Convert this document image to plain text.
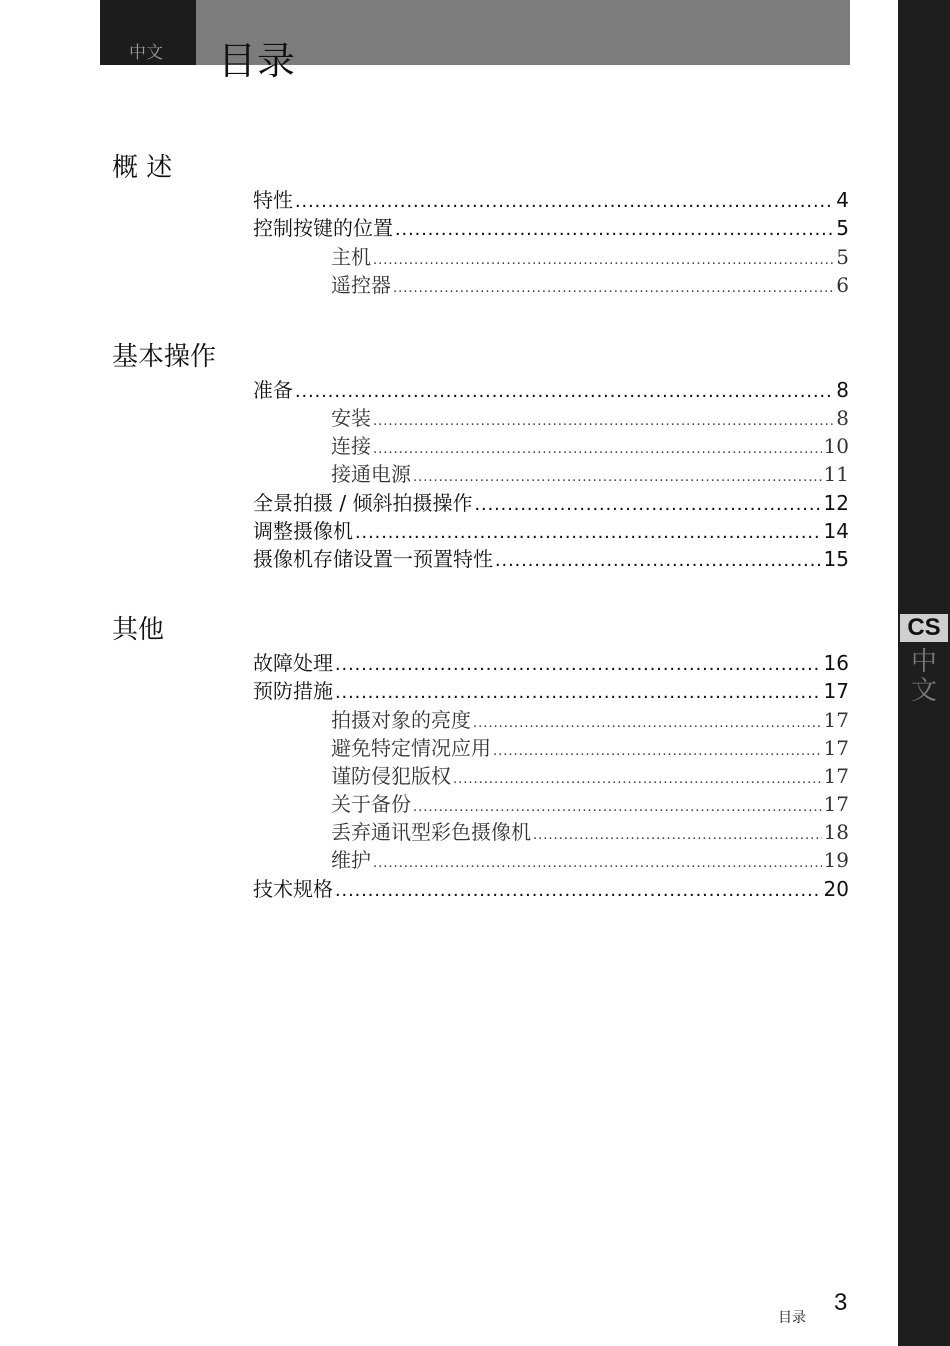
中文 目录
CS
中
文
概 述
特性 .....	4
控制按键的位置 .....	5
主机 .....	5
遥控器 .....	6
基本操作
准备 .....	8
安装 .....	8
连接 .....	10
接通电源 .....	11
全景拍摄 / 倾斜拍摄操作 .....	12
调整摄像机 .....	14
摄像机存储设置一预置特性 .....	15
其他
故障处理 .....	16
预防措施 .....	17
拍摄对象的亮度 .....	17
避免特定情况应用 .....	17
谨防侵犯版权 .....	17
关于备份 .....	17
丢弃通讯型彩色摄像机 .....	18
维护 .....	19
技术规格 .....	20
目录
3
